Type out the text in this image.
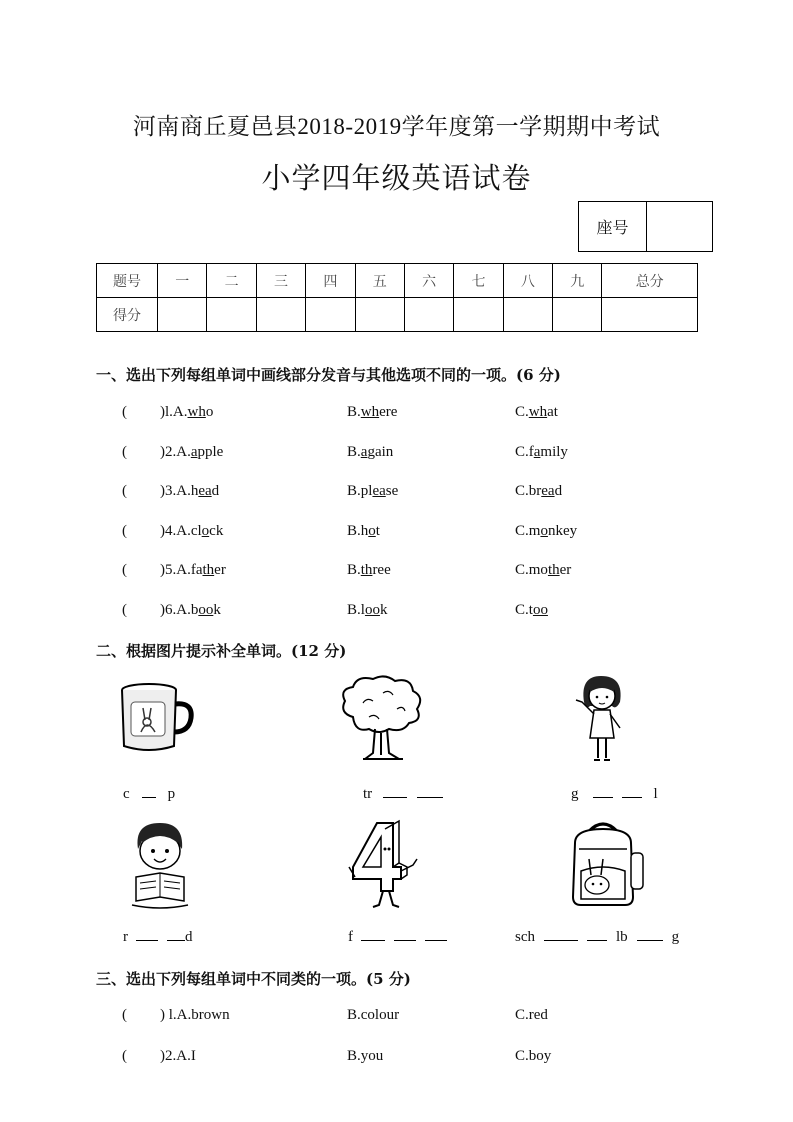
河南商丘夏邑县2018-2019学年度第一学期期中考试
小学四年级英语试卷
座号
题号	一	二	三	四	五	六	七	八	九	总分
得分										
一、选出下列每组单词中画线部分发音与其他选项不同的一项。(6 分)
( )l.A.who	B.where	C.what
( )2.A.apple	B.again	C.family
( )3.A.head	B.please	C.bread
( )4.A.clock	B.hot	C.monkey
( )5.A.father	B.three	C.mother
( )6.A.book	B.look	C.too
二、根据图片提示补全单词。(12 分)
c	p	tr	g	l
r	d	f	sch	lb	g
三、选出下列每组单词中不同类的一项。(5 分)
( ) l.A.brown	B.colour	C.red
( )2.A.I	B.you	C.boy
